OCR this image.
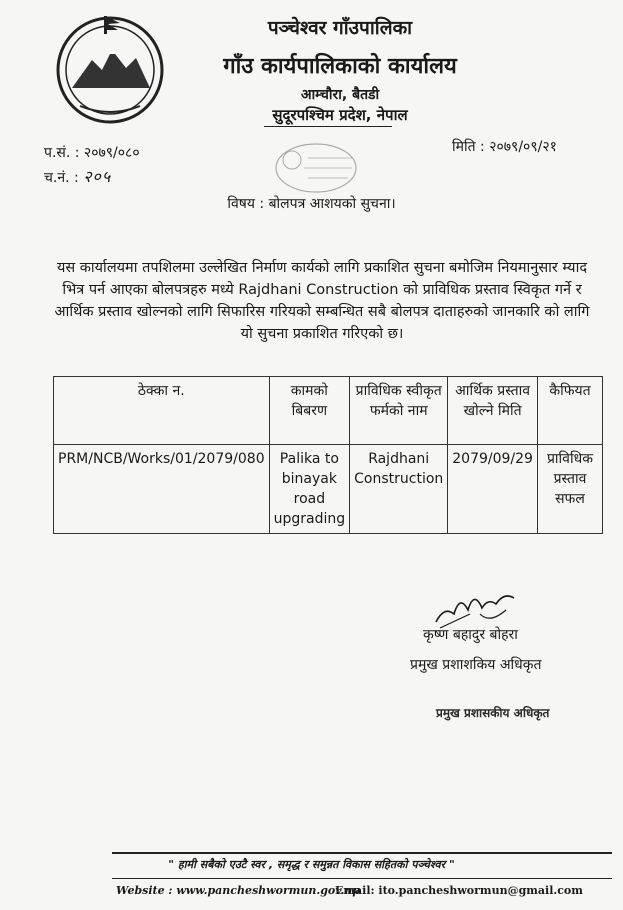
पञ्चेश्वर गाँउपालिका
गाँउ कार्यपालिकाको कार्यालय
आम्चौरा, बैतडी
सुदूरपश्चिम प्रदेश, नेपाल
प.सं. : २०७९/०८०
च.नं. : २०५
मिति : २०७९/०९/२१
विषय : बोलपत्र आशयको सुचना।
यस कार्यालयमा तपशिलमा उल्लेखित निर्माण कार्यको लागि प्रकाशित सुचना बमोजिम नियमानुसार म्याद भित्र पर्न आएका बोलपत्रहरु मध्ये Rajdhani Construction को प्राविधिक प्रस्ताव स्विकृत गर्ने र आर्थिक प्रस्ताव खोल्नको लागि सिफारिस गरियको सम्बन्धित सबै बोलपत्र दाताहरुको जानकारि को लागि यो सुचना प्रकाशित गरिएको छ।
ठेक्का न.	कामको बिबरण	प्राविधिक स्वीकृत फर्मको नाम	आर्थिक प्रस्ताव खोल्ने मिति	कैफियत
PRM/NCB/Works/01/2079/080	Palika to binayak road upgrading	Rajdhani Construction	2079/09/29	प्राविधिक प्रस्ताव सफल
कृष्ण बहादुर बोहरा
प्रमुख प्रशाशकिय अधिकृत
प्रमुख प्रशासकीय अधिकृत
" हामी सबैको एउटै स्वर , समृद्ध र समुन्नत विकास सहितको पञ्चेश्वर "
Website : www.pancheshwormun.gov.np
Email: ito.pancheshwormun@gmail.com
